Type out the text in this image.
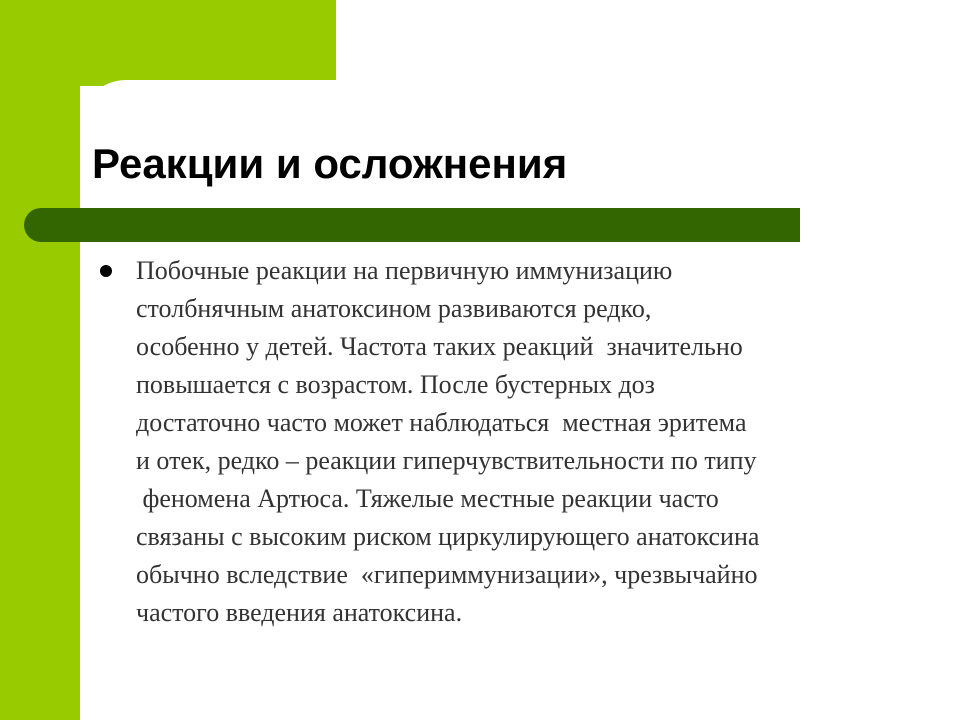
Реакции и осложнения

Побочные реакции на первичную иммунизацию
столбнячным анатоксином развиваются редко,
особенно у детей. Частота таких реакций  значительно
повышается с возрастом. После бустерных доз
достаточно часто может наблюдаться  местная эритема
и отек, редко – реакции гиперчувствительности по типу
феномена Артюса. Тяжелые местные реакции часто
связаны с высоким риском циркулирующего анатоксина
обычно вследствие  «гипериммунизации», чрезвычайно
частого введения анатоксина.
